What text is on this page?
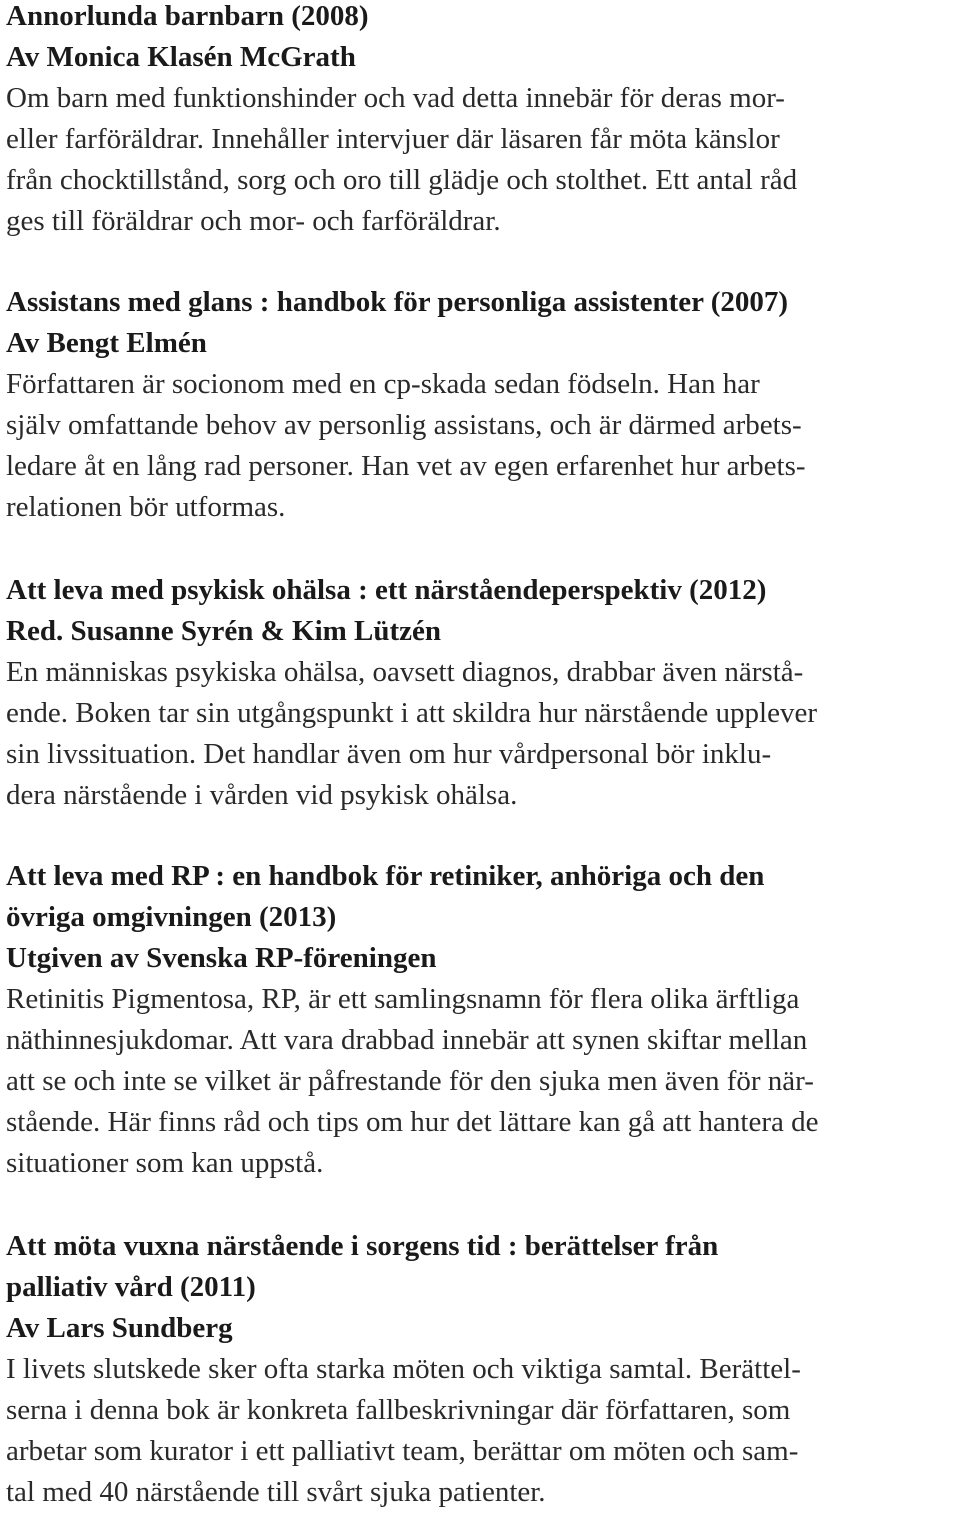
Annorlunda barnbarn (2008)
Av Monica Klasén McGrath
Om barn med funktionshinder och vad detta innebär för deras mor-
eller farföräldrar. Innehåller intervjuer där läsaren får möta känslor
från chocktillstånd, sorg och oro till glädje och stolthet. Ett antal råd
ges till föräldrar och mor- och farföräldrar.
Assistans med glans : handbok för personliga assistenter (2007)
Av Bengt Elmén
Författaren är socionom med en cp-skada sedan födseln. Han har
själv omfattande behov av personlig assistans, och är därmed arbets-
ledare åt en lång rad personer. Han vet av egen erfarenhet hur arbets-
relationen bör utformas.
Att leva med psykisk ohälsa : ett närståendeperspektiv (2012)
Red. Susanne Syrén & Kim Lützén
En människas psykiska ohälsa, oavsett diagnos, drabbar även närstå-
ende. Boken tar sin utgångspunkt i att skildra hur närstående upplever
sin livssituation. Det handlar även om hur vårdpersonal bör inklu-
dera närstående i vården vid psykisk ohälsa.
Att leva med RP : en handbok för retiniker, anhöriga och den
övriga omgivningen (2013)
Utgiven av Svenska RP-föreningen
Retinitis Pigmentosa, RP, är ett samlingsnamn för flera olika ärftliga
näthinnesjukdomar. Att vara drabbad innebär att synen skiftar mellan
att se och inte se vilket är påfrestande för den sjuka men även för när-
stående. Här finns råd och tips om hur det lättare kan gå att hantera de
situationer som kan uppstå.
Att möta vuxna närstående i sorgens tid : berättelser från
palliativ vård (2011)
Av Lars Sundberg
I livets slutskede sker ofta starka möten och viktiga samtal. Berättel-
serna i denna bok är konkreta fallbeskrivningar där författaren, som
arbetar som kurator i ett palliativt team, berättar om möten och sam-
tal med 40 närstående till svårt sjuka patienter.
